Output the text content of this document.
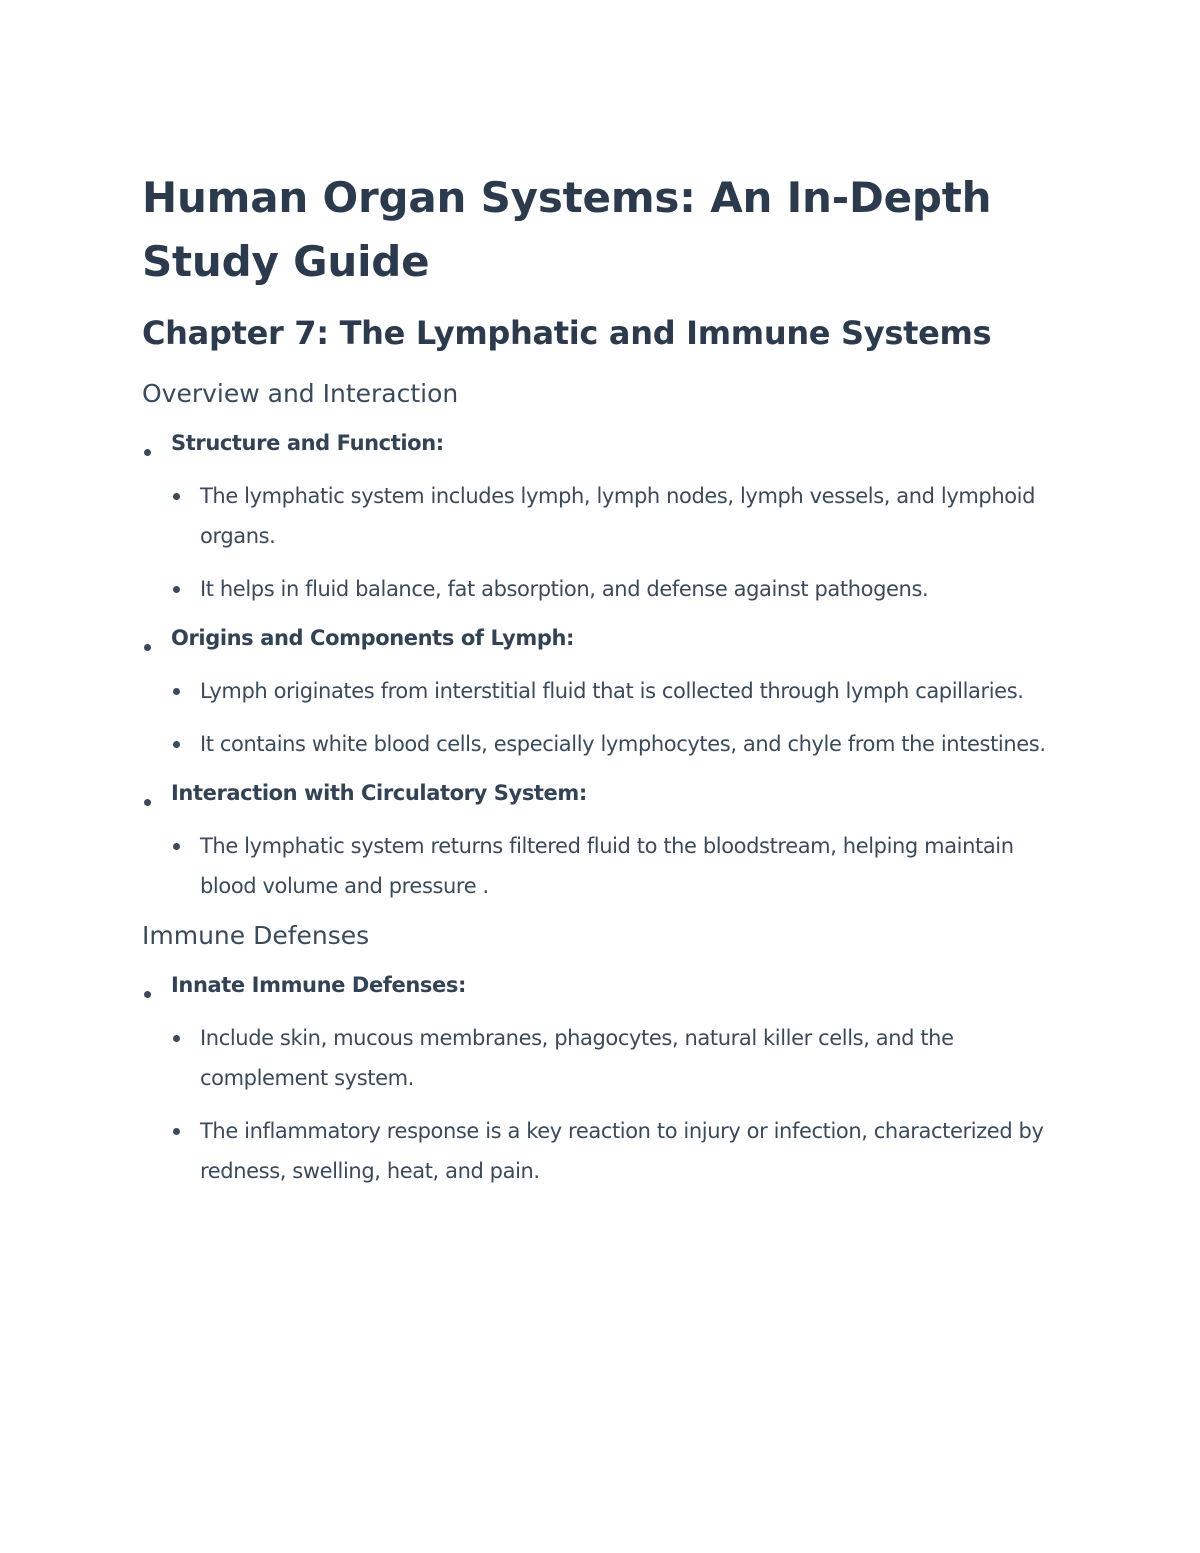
Human Organ Systems: An In-Depth Study Guide
Chapter 7: The Lymphatic and Immune Systems
Overview and Interaction
Structure and Function:
The lymphatic system includes lymph, lymph nodes, lymph vessels, and lymphoid organs.
It helps in fluid balance, fat absorption, and defense against pathogens.
Origins and Components of Lymph:
Lymph originates from interstitial fluid that is collected through lymph capillaries.
It contains white blood cells, especially lymphocytes, and chyle from the intestines.
Interaction with Circulatory System:
The lymphatic system returns filtered fluid to the bloodstream, helping maintain blood volume and pressure .
Immune Defenses
Innate Immune Defenses:
Include skin, mucous membranes, phagocytes, natural killer cells, and the complement system.
The inflammatory response is a key reaction to injury or infection, characterized by redness, swelling, heat, and pain.
